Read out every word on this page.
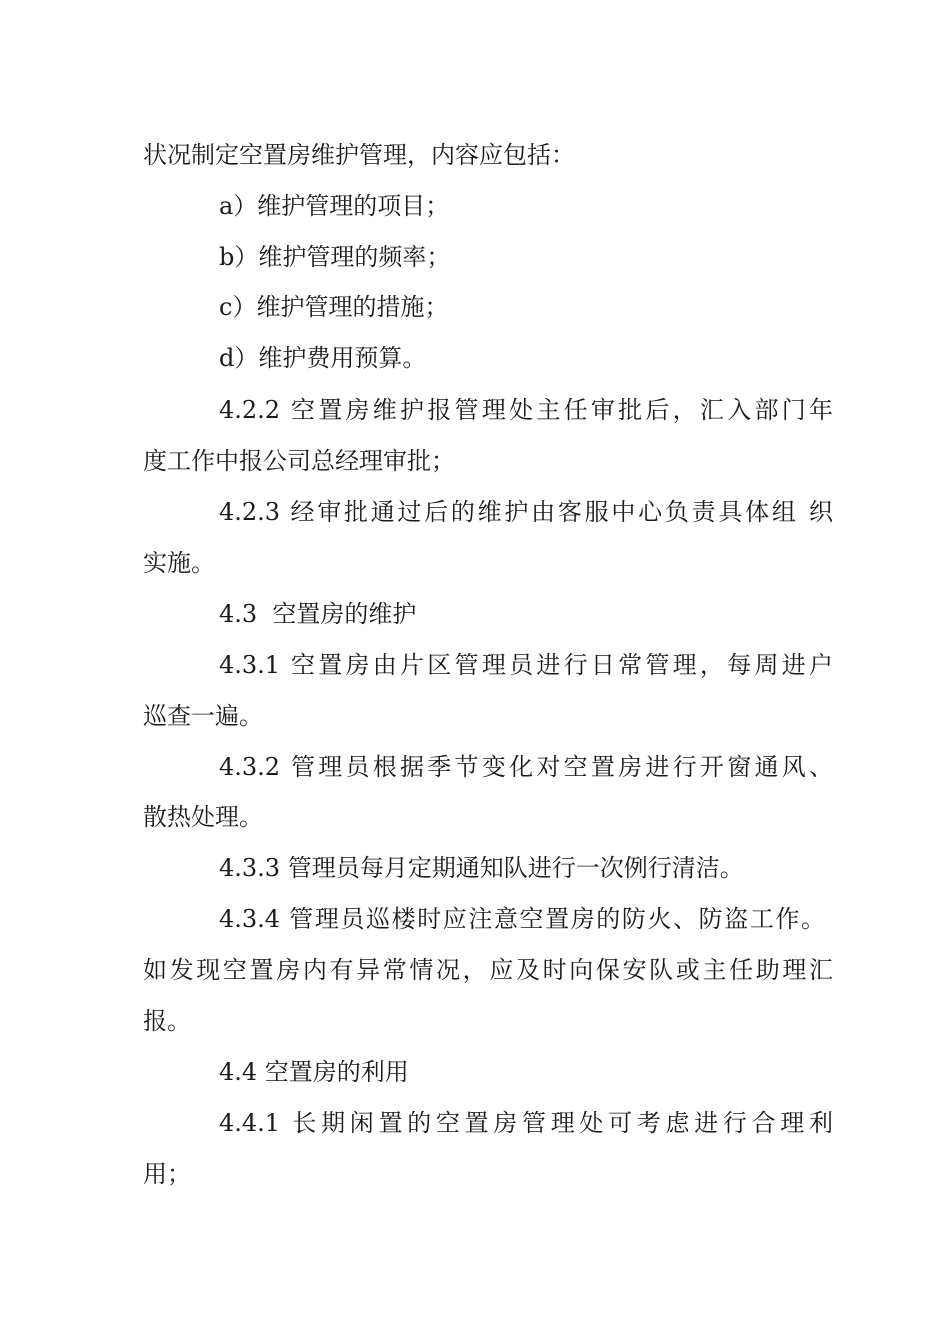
状况制定空置房维护管理，内容应包括：
a）维护管理的项目；
b）维护管理的频率；
c）维护管理的措施；
d）维护费用预算。
4.2.2 空置房维护报管理处主任审批后，汇入部门年
度工作中报公司总经理审批；
4.2.3 经审批通过后的维护由客服中心负责具体组 织
实施。
4.3  空置房的维护
4.3.1 空置房由片区管理员进行日常管理，每周进户
巡查一遍。
4.3.2 管理员根据季节变化对空置房进行开窗通风、
散热处理。
4.3.3 管理员每月定期通知队进行一次例行清洁。
4.3.4 管理员巡楼时应注意空置房的防火、防盗工作。
如发现空置房内有异常情况，应及时向保安队或主任助理汇
报。
4.4 空置房的利用
4.4.1 长期闲置的空置房管理处可考虑进行合理利
用；
